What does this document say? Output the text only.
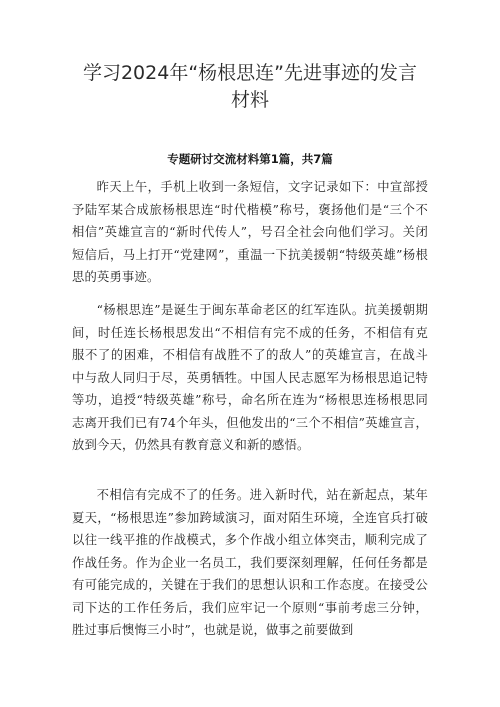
学习2024年“杨根思连”先进事迹的发言
材料

专题研讨交流材料第1篇，共7篇

昨天上午，手机上收到一条短信，文字记录如下：中宣部授予陆军某合成旅杨根思连“时代楷模”称号，褒扬他们是“三个不相信”英雄宣言的“新时代传人”，号召全社会向他们学习。关闭短信后，马上打开“党建网”，重温一下抗美援朝“特级英雄”杨根思的英勇事迹。

“杨根思连”是诞生于闽东革命老区的红军连队。抗美援朝期间，时任连长杨根思发出“不相信有完不成的任务，不相信有克服不了的困难，不相信有战胜不了的敌人”的英雄宣言，在战斗中与敌人同归于尽，英勇牺牲。中国人民志愿军为杨根思追记特等功，追授“特级英雄”称号，命名所在连为“杨根思连杨根思同志离开我们已有74个年头，但他发出的“三个不相信”英雄宣言，放到今天，仍然具有教育意义和新的感悟。

不相信有完成不了的任务。进入新时代，站在新起点，某年夏天，“杨根思连”参加跨域演习，面对陌生环境，全连官兵打破以往一线平推的作战模式，多个作战小组立体突击，顺利完成了作战任务。作为企业一名员工，我们要深刻理解，任何任务都是有可能完成的，关键在于我们的思想认识和工作态度。在接受公司下达的工作任务后，我们应牢记一个原则“事前考虑三分钟，胜过事后懊悔三小时”，也就是说，做事之前要做到
